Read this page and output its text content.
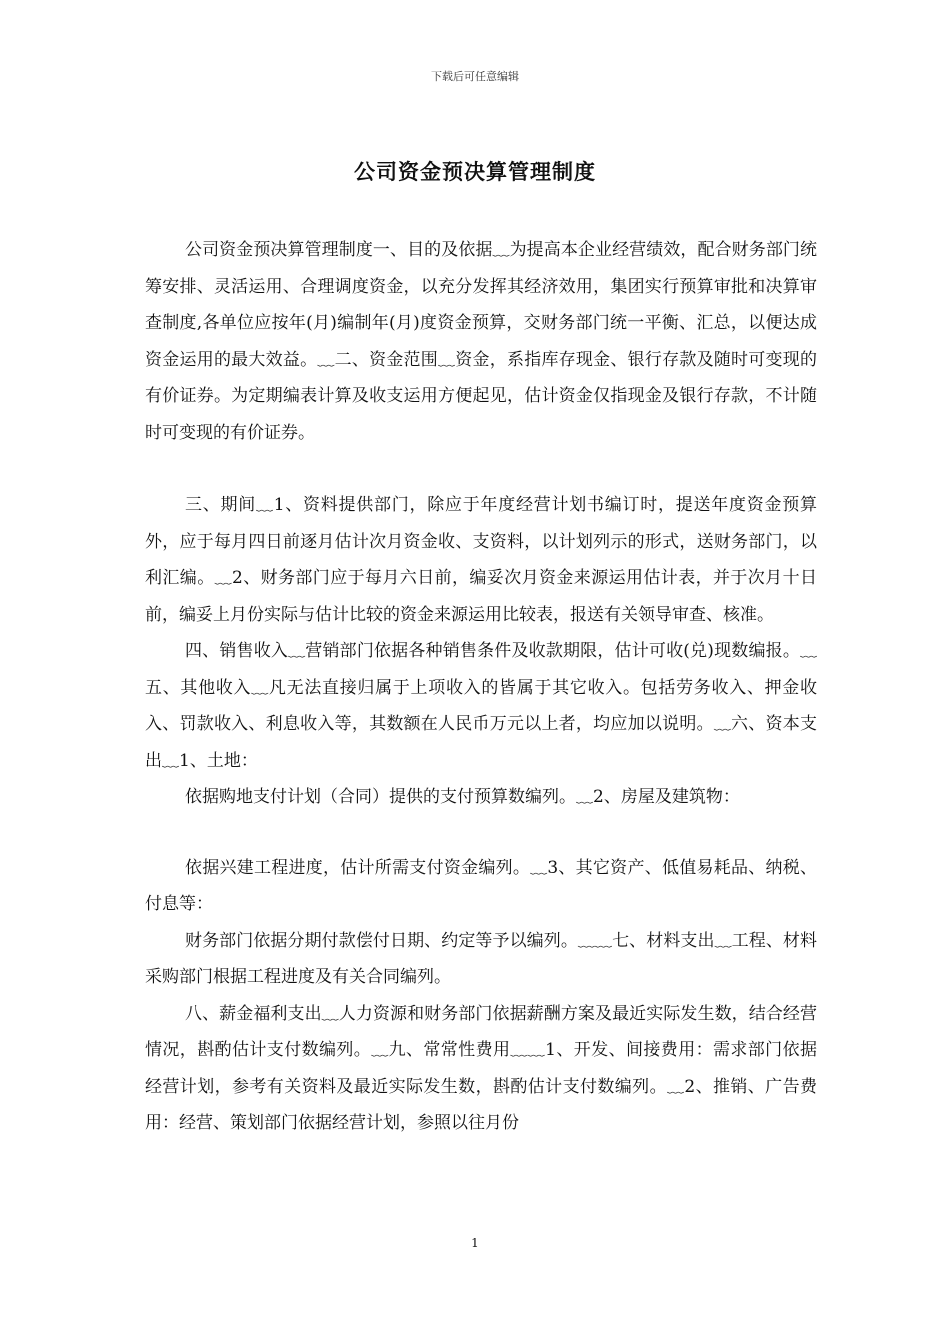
下载后可任意编辑
公司资金预决算管理制度

公司资金预决算管理制度一、目的及依据﹏为提高本企业经营绩效，配合财务部门统筹安排、灵活运用、合理调度资金，以充分发挥其经济效用，集团实行预算审批和决算审查制度,各单位应按年(月)编制年(月)度资金预算，交财务部门统一平衡、汇总，以便达成资金运用的最大效益。﹏二、资金范围﹏资金，系指库存现金、银行存款及随时可变现的有价证券。为定期编表计算及收支运用方便起见，估计资金仅指现金及银行存款，不计随时可变现的有价证券。

三、期间﹏1、资料提供部门，除应于年度经营计划书编订时，提送年度资金预算外，应于每月四日前逐月估计次月资金收、支资料，以计划列示的形式，送财务部门，以利汇编。﹏2、财务部门应于每月六日前，编妥次月资金来源运用估计表，并于次月十日前，编妥上月份实际与估计比较的资金来源运用比较表，报送有关领导审查、核准。

四、销售收入﹏营销部门依据各种销售条件及收款期限，估计可收(兑)现数编报。﹏五、其他收入﹏凡无法直接归属于上项收入的皆属于其它收入。包括劳务收入、押金收入、罚款收入、利息收入等，其数额在人民币万元以上者，均应加以说明。﹏六、资本支出﹏1、土地：

依据购地支付计划（合同）提供的支付预算数编列。﹏2、房屋及建筑物：

依据兴建工程进度，估计所需支付资金编列。﹏3、其它资产、低值易耗品、纳税、付息等：

财务部门依据分期付款偿付日期、约定等予以编列。﹏﹏七、材料支出﹏工程、材料采购部门根据工程进度及有关合同编列。

八、薪金福利支出﹏人力资源和财务部门依据薪酬方案及最近实际发生数，结合经营情况，斟酌估计支付数编列。﹏九、常常性费用﹏﹏1、开发、间接费用：需求部门依据经营计划，参考有关资料及最近实际发生数，斟酌估计支付数编列。﹏2、推销、广告费用：经营、策划部门依据经营计划，参照以往月份

1
